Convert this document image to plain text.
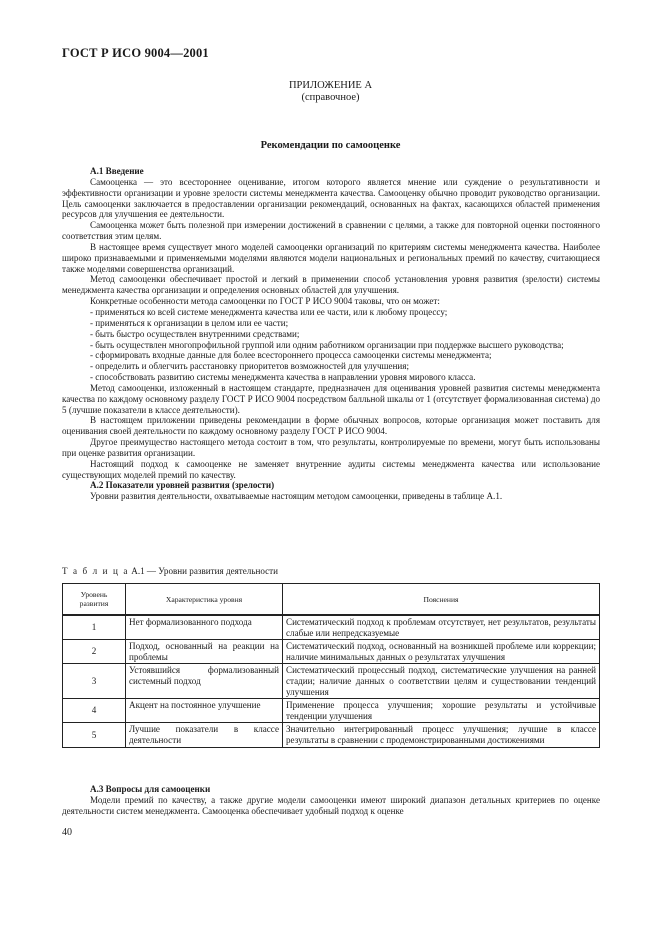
ГОСТ Р ИСО 9004—2001
ПРИЛОЖЕНИЕ А
(справочное)
Рекомендации по самооценке
А.1 Введение

Самооценка — это всестороннее оценивание, итогом которого является мнение или суждение о результативности и эффективности организации и уровне зрелости системы менеджмента качества. Самооценку обычно проводит руководство организации. Цель самооценки заключается в предоставлении организации рекомендаций, основанных на фактах, касающихся областей применения ресурсов для улучшения ее деятельности.

Самооценка может быть полезной при измерении достижений в сравнении с целями, а также для повторной оценки постоянного соответствия этим целям.

В настоящее время существует много моделей самооценки организаций по критериям системы менеджмента качества. Наиболее широко признаваемыми и применяемыми моделями являются модели национальных и региональных премий по качеству, считающиеся также моделями совершенства организаций.

Метод самооценки обеспечивает простой и легкий в применении способ установления уровня развития (зрелости) системы менеджмента качества организации и определения основных областей для улучшения.

Конкретные особенности метода самооценки по ГОСТ Р ИСО 9004 таковы, что он может:

- применяться ко всей системе менеджмента качества или ее части, или к любому процессу;

- применяться к организации в целом или ее части;

- быть быстро осуществлен внутренними средствами;

- быть осуществлен многопрофильной группой или одним работником организации при поддержке высшего руководства;

- сформировать входные данные для более всестороннего процесса самооценки системы менеджмента;

- определить и облегчить расстановку приоритетов возможностей для улучшения;

- способствовать развитию системы менеджмента качества в направлении уровня мирового класса.

Метод самооценки, изложенный в настоящем стандарте, предназначен для оценивания уровней развития системы менеджмента качества по каждому основному разделу ГОСТ Р ИСО 9004 посредством балльной шкалы от 1 (отсутствует формализованная система) до 5 (лучшие показатели в классе деятельности).

В настоящем приложении приведены рекомендации в форме обычных вопросов, которые организация может поставить для оценивания своей деятельности по каждому основному разделу ГОСТ Р ИСО 9004.

Другое преимущество настоящего метода состоит в том, что результаты, контролируемые по времени, могут быть использованы при оценке развития организации.

Настоящий подход к самооценке не заменяет внутренние аудиты системы менеджмента качества или использование существующих моделей премий по качеству.

А.2 Показатели уровней развития (зрелости)

Уровни развития деятельности, охватываемые настоящим методом самооценки, приведены в таблице А.1.

Т а б л и ц а А.1 — Уровни развития деятельности
Уровень развития	Характеристика уровня	Пояснения
1	Нет формализованного подхода	Систематический подход к проблемам отсутствует, нет результатов, результаты слабые или непредсказуемые
2	Подход, основанный на реакции на проблемы	Систематический подход, основанный на возникшей проблеме или коррекции; наличие минимальных данных о результатах улучшения
3	Устоявшийся формализованный системный подход	Систематический процессный подход, систематические улучшения на ранней стадии; наличие данных о соответствии целям и существовании тенденций улучшения
4	Акцент на постоянное улучшение	Применение процесса улучшения; хорошие результаты и устойчивые тенденции улучшения
5	Лучшие показатели в классе деятельности	Значительно интегрированный процесс улучшения; лучшие в классе результаты в сравнении с продемонстрированными достижениями
А.3 Вопросы для самооценки

Модели премий по качеству, а также другие модели самооценки имеют широкий диапазон детальных критериев по оценке деятельности систем менеджмента. Самооценка обеспечивает удобный подход к оценке

40
